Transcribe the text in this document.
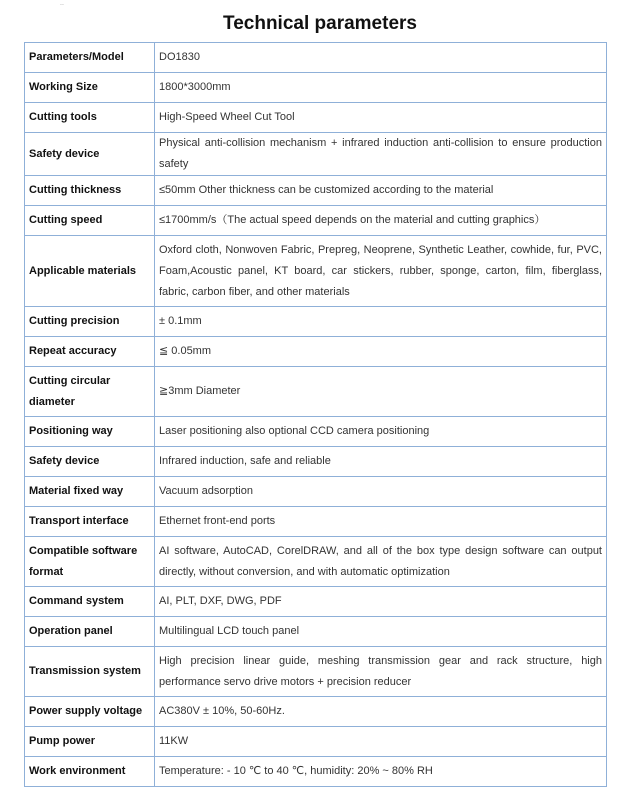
..
Technical parameters
Parameters/Model	DO1830
Working Size	1800*3000mm
Cutting tools	High-Speed Wheel Cut Tool
Safety device	Physical anti-collision mechanism + infrared induction anti-collision to ensure production safety
Cutting thickness	≤50mm Other thickness can be customized according to the material
Cutting speed	≤1700mm/s（The actual speed depends on the material and cutting graphics）
Applicable materials	Oxford cloth, Nonwoven Fabric, Prepreg, Neoprene, Synthetic Leather, cowhide, fur, PVC, Foam,Acoustic panel, KT board, car stickers, rubber, sponge, carton, film, fiberglass, fabric, carbon fiber, and other materials
Cutting precision	± 0.1mm
Repeat accuracy	≦ 0.05mm
Cutting circular diameter	≧3mm Diameter
Positioning way	Laser positioning also optional CCD camera positioning
Safety device	Infrared induction, safe and reliable
Material fixed way	Vacuum adsorption
Transport interface	Ethernet front-end ports
Compatible software format	AI software, AutoCAD, CorelDRAW, and all of the box type design software can output directly, without conversion, and with automatic optimization
Command system	AI, PLT, DXF, DWG, PDF
Operation panel	Multilingual LCD touch panel
Transmission system	High precision linear guide, meshing transmission gear and rack structure, high performance servo drive motors + precision reducer
Power supply voltage	AC380V ± 10%, 50-60Hz.
Pump power	11KW
Work environment	Temperature: - 10 ℃ to 40 ℃, humidity: 20% ~ 80% RH
